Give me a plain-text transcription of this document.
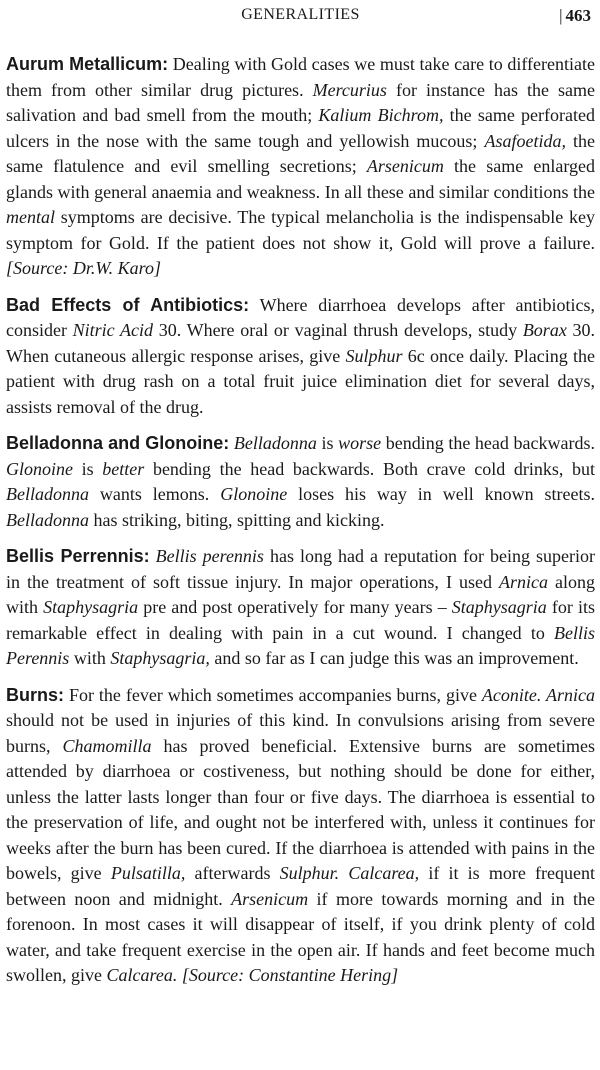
GENERALITIES	| 463

Aurum Metallicum: Dealing with Gold cases we must take care to differentiate them from other similar drug pictures. Mercurius for instance has the same salivation and bad smell from the mouth; Kalium Bichrom, the same perforated ulcers in the nose with the same tough and yellowish mucous; Asafoetida, the same flatulence and evil smelling secretions; Arsenicum the same enlarged glands with general anaemia and weakness. In all these and similar conditions the mental symptoms are decisive. The typical melancholia is the indispensable key symptom for Gold. If the patient does not show it, Gold will prove a failure. [Source: Dr.W. Karo]

Bad Effects of Antibiotics: Where diarrhoea develops after antibiotics, consider Nitric Acid 30. Where oral or vaginal thrush develops, study Borax 30. When cutaneous allergic response arises, give Sulphur 6c once daily. Placing the patient with drug rash on a total fruit juice elimination diet for several days, assists removal of the drug.

Belladonna and Glonoine: Belladonna is worse bending the head backwards. Glonoine is better bending the head backwards. Both crave cold drinks, but Belladonna wants lemons. Glonoine loses his way in well known streets. Belladonna has striking, biting, spitting and kicking.

Bellis Perrennis: Bellis perennis has long had a reputation for being superior in the treatment of soft tissue injury. In major operations, I used Arnica along with Staphysagria pre and post operatively for many years – Staphysagria for its remarkable effect in dealing with pain in a cut wound. I changed to Bellis Perennis with Staphysagria, and so far as I can judge this was an improvement.

Burns: For the fever which sometimes accompanies burns, give Aconite. Arnica should not be used in injuries of this kind. In convulsions arising from severe burns, Chamomilla has proved beneficial. Extensive burns are sometimes attended by diarrhoea or costiveness, but nothing should be done for either, unless the latter lasts longer than four or five days. The diarrhoea is essential to the preservation of life, and ought not be interfered with, unless it continues for weeks after the burn has been cured. If the diarrhoea is attended with pains in the bowels, give Pulsatilla, afterwards Sulphur. Calcarea, if it is more frequent between noon and midnight. Arsenicum if more towards morning and in the forenoon. In most cases it will disappear of itself, if you drink plenty of cold water, and take frequent exercise in the open air. If hands and feet become much swollen, give Calcarea. [Source: Constantine Hering]
